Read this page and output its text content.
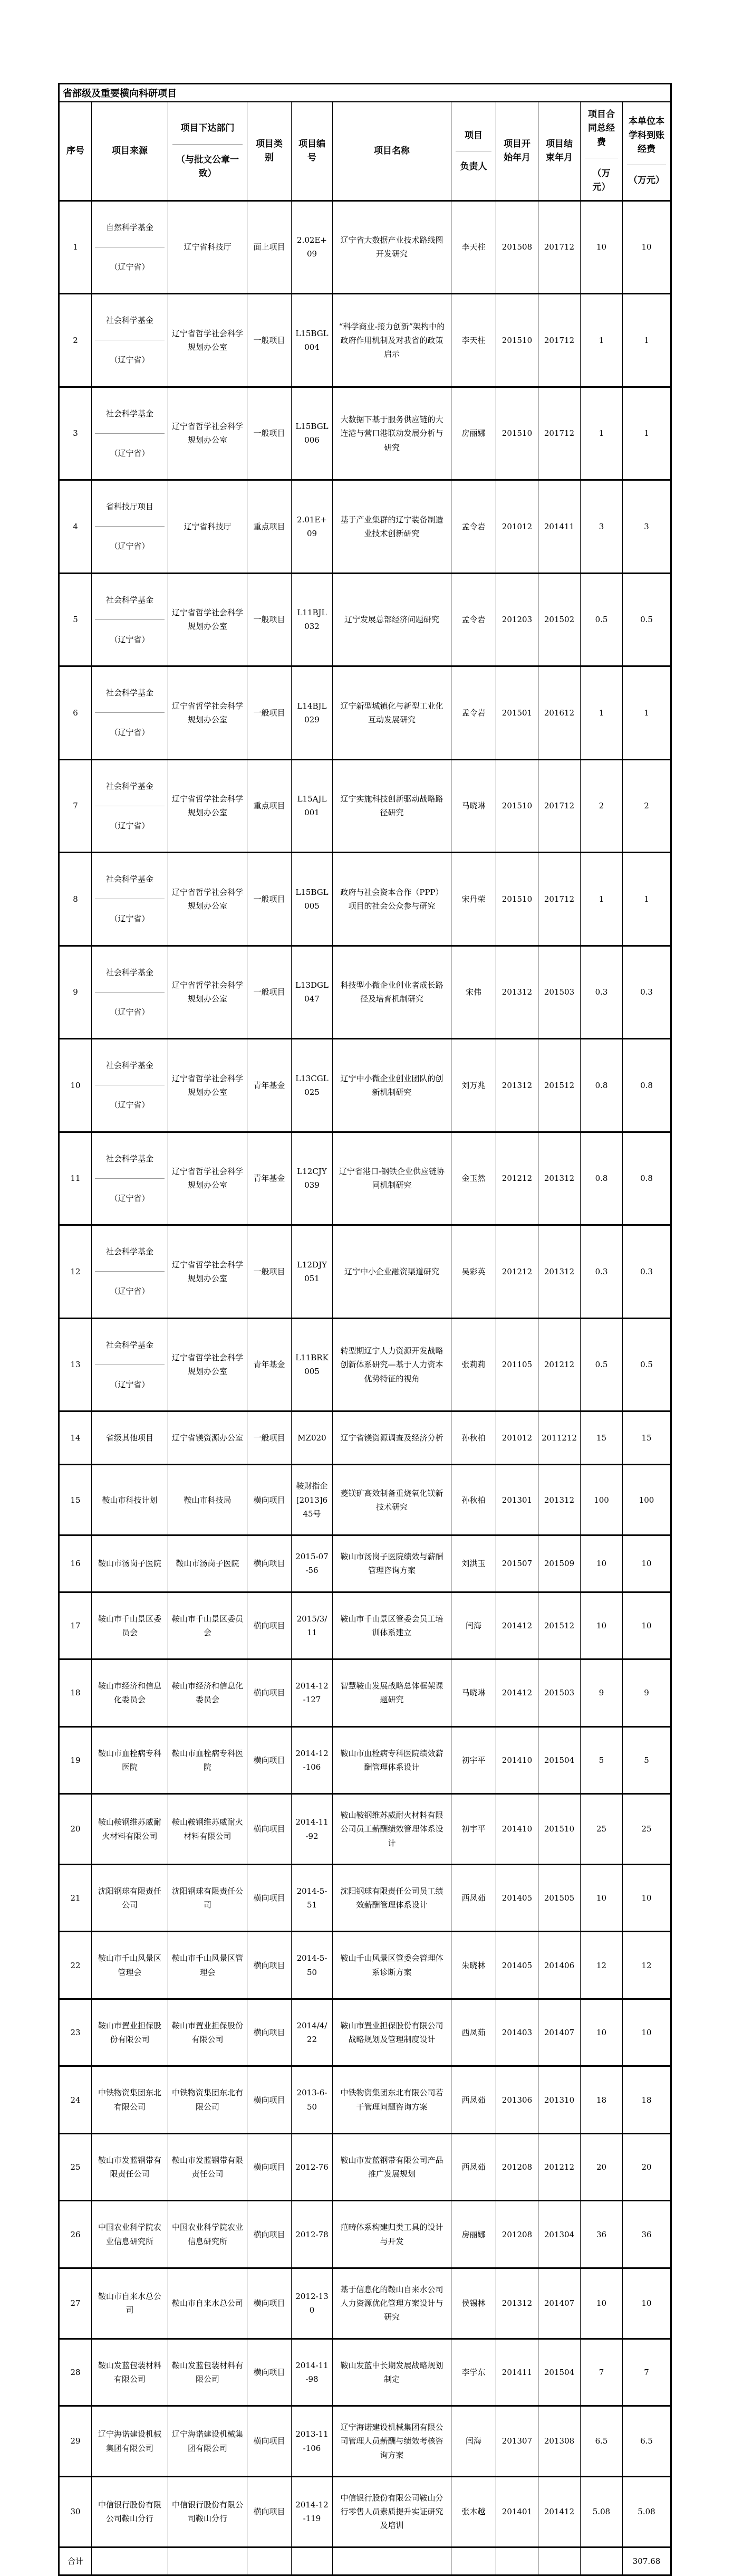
省部级及重要横向科研项目										
序号	项目来源	项目下达部门
（与批文公章一致）	项目类别	项目编号	项目名称	项目
负责人	项目开始年月	项目结束年月	项目合同总经费
（万元）	本单位本学科到账经费
（万元）

1	自然科学基金
（辽宁省）	辽宁省科技厅	面上项目	2.02E+09	辽宁省大数据产业技术路线图开发研究	李天柱	201508	201712	10	10
2	社会科学基金
（辽宁省）	辽宁省哲学社会科学规划办公室	一般项目	L15BGL004	“科学商业-接力创新”架构中的政府作用机制及对我省的政策启示	李天柱	201510	201712	1	1
3	社会科学基金
（辽宁省）	辽宁省哲学社会科学规划办公室	一般项目	L15BGL006	大数据下基于服务供应链的大连港与营口港联动发展分析与研究	房丽娜	201510	201712	1	1
4	省科技厅项目
（辽宁省）	辽宁省科技厅	重点项目	2.01E+09	基于产业集群的辽宁装备制造业技术创新研究	孟令岩	201012	201411	3	3
5	社会科学基金
（辽宁省）	辽宁省哲学社会科学规划办公室	一般项目	L11BJL032	辽宁发展总部经济问题研究	孟令岩	201203	201502	0.5	0.5
6	社会科学基金
（辽宁省）	辽宁省哲学社会科学规划办公室	一般项目	L14BJL029	辽宁新型城镇化与新型工业化互动发展研究	孟令岩	201501	201612	1	1
7	社会科学基金
（辽宁省）	辽宁省哲学社会科学规划办公室	重点项目	L15AJL001	辽宁实施科技创新驱动战略路径研究	马晓琳	201510	201712	2	2
8	社会科学基金
（辽宁省）	辽宁省哲学社会科学规划办公室	一般项目	L15BGL005	政府与社会资本合作（PPP）项目的社会公众参与研究	宋丹荣	201510	201712	1	1
9	社会科学基金
（辽宁省）	辽宁省哲学社会科学规划办公室	一般项目	L13DGL047	科技型小微企业创业者成长路径及培育机制研究	宋伟	201312	201503	0.3	0.3
10	社会科学基金
（辽宁省）	辽宁省哲学社会科学规划办公室	青年基金	L13CGL025	辽宁中小微企业创业团队的创新机制研究	刘万兆	201312	201512	0.8	0.8
11	社会科学基金
（辽宁省）	辽宁省哲学社会科学规划办公室	青年基金	L12CJY039	辽宁省港口-钢铁企业供应链协同机制研究	金玉然	201212	201312	0.8	0.8
12	社会科学基金
（辽宁省）	辽宁省哲学社会科学规划办公室	一般项目	L12DJY051	辽宁中小企业融资渠道研究	吴彩英	201212	201312	0.3	0.3
13	社会科学基金
（辽宁省）	辽宁省哲学社会科学规划办公室	青年基金	L11BRK005	转型期辽宁人力资源开发战略创新体系研究—基于人力资本优势特征的视角	张莉莉	201105	201212	0.5	0.5
14	省级其他项目	辽宁省镁资源办公室	一般项目	MZ020	辽宁省镁资源调查及经济分析	孙秋柏	201012	2011212	15	15
15	鞍山市科技计划	鞍山市科技局	横向项目	鞍财指企[2013]645号	菱镁矿高效制备重烧氧化镁新技术研究	孙秋柏	201301	201312	100	100
16	鞍山市汤岗子医院	鞍山市汤岗子医院	横向项目	2015-07-56	鞍山市汤岗子医院绩效与薪酬管理咨询方案	刘洪玉	201507	201509	10	10
17	鞍山市千山景区委员会	鞍山市千山景区委员会	横向项目	2015/3/11	鞍山市千山景区管委会员工培训体系建立	闫海	201412	201512	10	10
18	鞍山市经济和信息化委员会	鞍山市经济和信息化委员会	横向项目	2014-12-127	智慧鞍山发展战略总体框架课题研究	马晓琳	201412	201503	9	9
19	鞍山市血栓病专科医院	鞍山市血栓病专科医院	横向项目	2014-12-106	鞍山市血栓病专科医院绩效薪酬管理体系设计	初宇平	201410	201504	5	5
20	鞍山鞍钢维苏威耐火材料有限公司	鞍山鞍钢维苏威耐火材料有限公司	横向项目	2014-11-92	鞍山鞍钢维苏威耐火材料有限公司员工薪酬绩效管理体系设计	初宇平	201410	201510	25	25
21	沈阳钢球有限责任公司	沈阳钢球有限责任公司	横向项目	2014-5-51	沈阳钢球有限责任公司员工绩效薪酬管理体系设计	西凤茹	201405	201505	10	10
22	鞍山市千山风景区管理会	鞍山市千山风景区管理会	横向项目	2014-5-50	鞍山千山风景区管委会管理体系诊断方案	朱晓林	201405	201406	12	12
23	鞍山市置业担保股份有限公司	鞍山市置业担保股份有限公司	横向项目	2014/4/22	鞍山市置业担保股份有限公司战略规划及管理制度设计	西凤茹	201403	201407	10	10
24	中铁物资集团东北有限公司	中铁物资集团东北有限公司	横向项目	2013-6-50	中铁物资集团东北有限公司若干管理问题咨询方案	西凤茹	201306	201310	18	18
25	鞍山市发蓝钢带有限责任公司	鞍山市发蓝钢带有限责任公司	横向项目	2012-76	鞍山市发蓝钢带有限公司产品推广发展规划	西凤茹	201208	201212	20	20
26	中国农业科学院农业信息研究所	中国农业科学院农业信息研究所	横向项目	2012-78	范畴体系构建归类工具的设计与开发	房丽娜	201208	201304	36	36
27	鞍山市自来水总公司	鞍山市自来水总公司	横向项目	2012-130	基于信息化的鞍山自来水公司人力资源优化管理方案设计与研究	侯锡林	201312	201407	10	10
28	鞍山发蓝包装材料有限公司	鞍山发蓝包装材料有限公司	横向项目	2014-11-98	鞍山发蓝中长期发展战略规划制定	李学东	201411	201504	7	7
29	辽宁海诺建设机械集团有限公司	辽宁海诺建设机械集团有限公司	横向项目	2013-11-106	辽宁海诺建设机械集团有限公司管理人员薪酬与绩效考核咨询方案	闫海	201307	201308	6.5	6.5
30	中信银行股份有限公司鞍山分行	中信银行股份有限公司鞍山分行	横向项目	2014-12-119	中信银行股份有限公司鞍山分行零售人员素质提升实证研究及培训	张本越	201401	201412	5.08	5.08
合计										307.68
